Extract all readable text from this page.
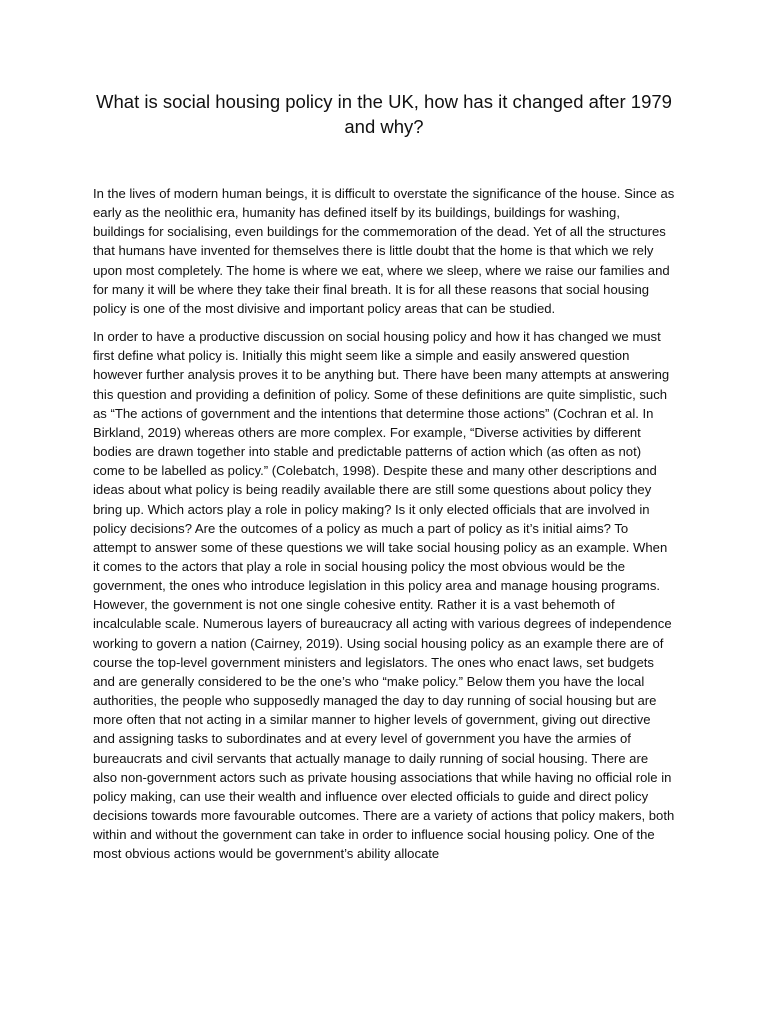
What is social housing policy in the UK, how has it changed after 1979 and why?

In the lives of modern human beings, it is difficult to overstate the significance of the house. Since as early as the neolithic era, humanity has defined itself by its buildings, buildings for washing, buildings for socialising, even buildings for the commemoration of the dead. Yet of all the structures that humans have invented for themselves there is little doubt that the home is that which we rely upon most completely. The home is where we eat, where we sleep, where we raise our families and for many it will be where they take their final breath. It is for all these reasons that social housing policy is one of the most divisive and important policy areas that can be studied.

In order to have a productive discussion on social housing policy and how it has changed we must first define what policy is. Initially this might seem like a simple and easily answered question however further analysis proves it to be anything but. There have been many attempts at answering this question and providing a definition of policy. Some of these definitions are quite simplistic, such as “The actions of government and the intentions that determine those actions” (Cochran et al. In Birkland, 2019) whereas others are more complex. For example, “Diverse activities by different bodies are drawn together into stable and predictable patterns of action which (as often as not) come to be labelled as policy.” (Colebatch, 1998). Despite these and many other descriptions and ideas about what policy is being readily available there are still some questions about policy they bring up. Which actors play a role in policy making? Is it only elected officials that are involved in policy decisions? Are the outcomes of a policy as much a part of policy as it’s initial aims? To attempt to answer some of these questions we will take social housing policy as an example. When it comes to the actors that play a role in social housing policy the most obvious would be the government, the ones who introduce legislation in this policy area and manage housing programs. However, the government is not one single cohesive entity. Rather it is a vast behemoth of incalculable scale. Numerous layers of bureaucracy all acting with various degrees of independence working to govern a nation (Cairney, 2019). Using social housing policy as an example there are of course the top-level government ministers and legislators. The ones who enact laws, set budgets and are generally considered to be the one’s who “make policy.” Below them you have the local authorities, the people who supposedly managed the day to day running of social housing but are more often that not acting in a similar manner to higher levels of government, giving out directive and assigning tasks to subordinates and at every level of government you have the armies of bureaucrats and civil servants that actually manage to daily running of social housing. There are also non-government actors such as private housing associations that while having no official role in policy making, can use their wealth and influence over elected officials to guide and direct policy decisions towards more favourable outcomes. There are a variety of actions that policy makers, both within and without the government can take in order to influence social housing policy. One of the most obvious actions would be government’s ability allocate
